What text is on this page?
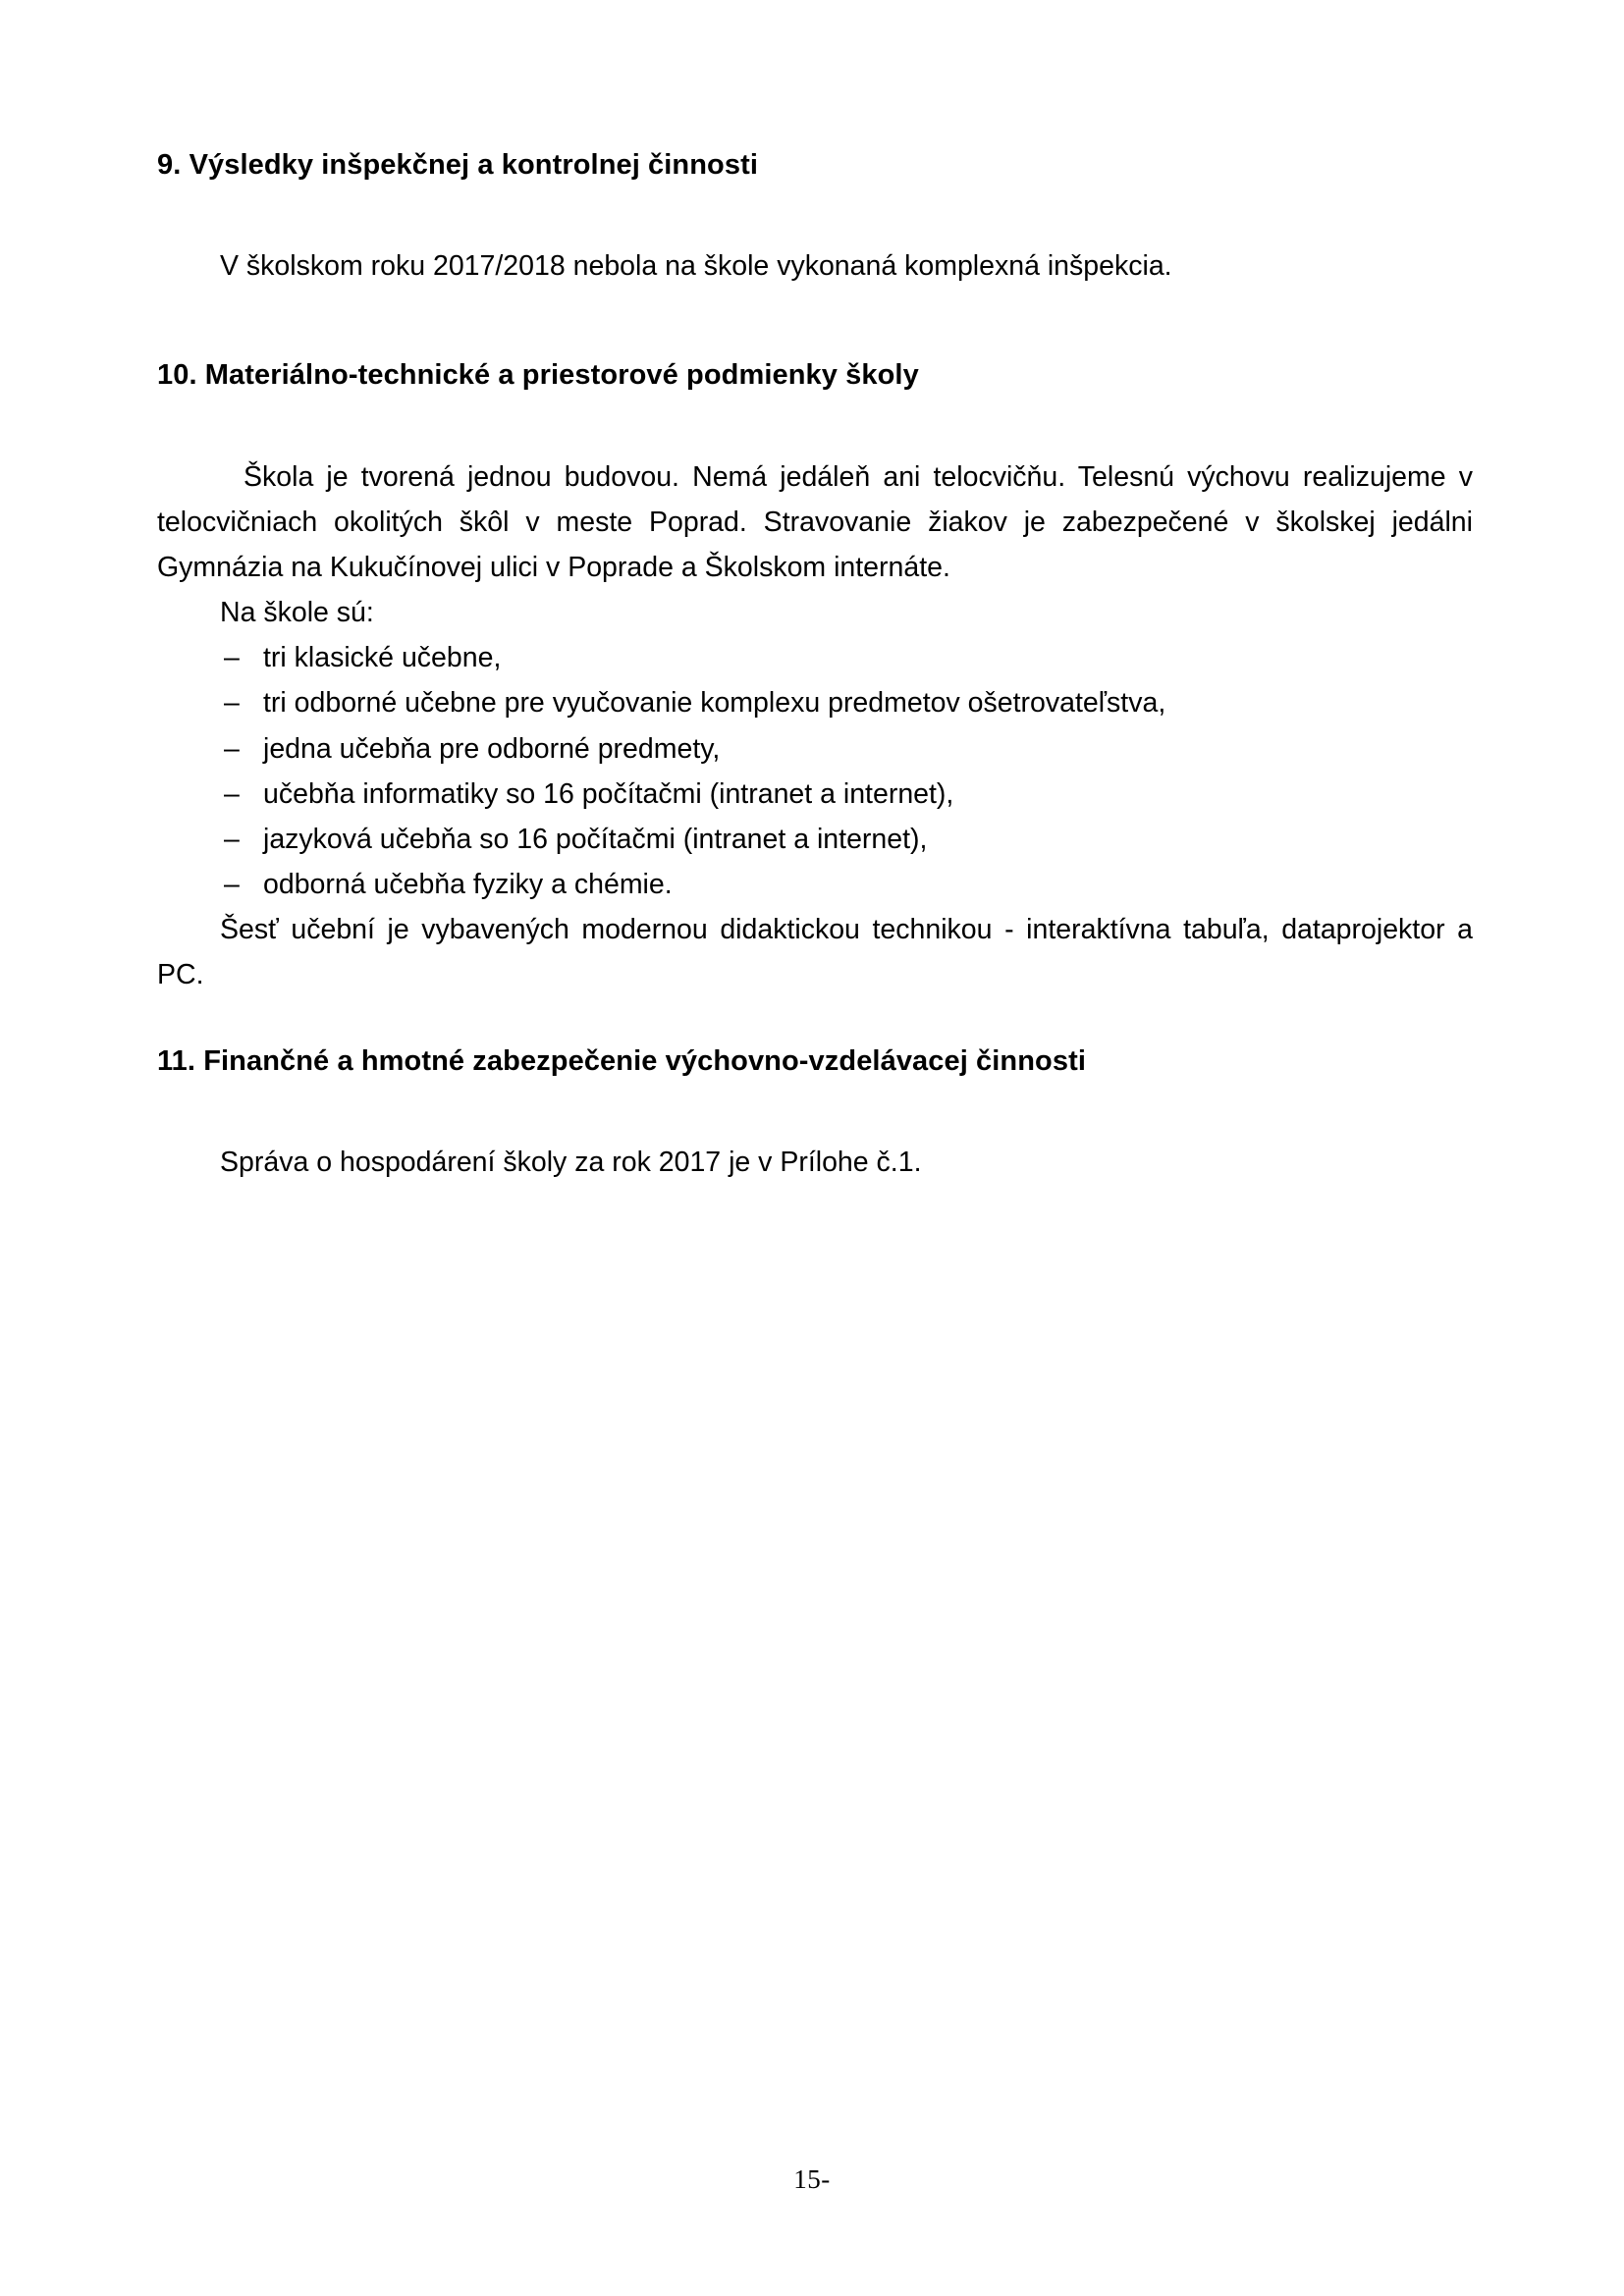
9.
Výsledky inšpekčnej a kontrolnej činnosti

V školskom roku 2017/2018 nebola na škole vykonaná komplexná inšpekcia.

10.
Materiálno-technické a priestorové podmienky školy

Škola je tvorená jednou budovou. Nemá jedáleň ani telocvičňu. Telesnú výchovu realizujeme v telocvičniach okolitých škôl v meste Poprad. Stravovanie žiakov je zabezpečené v školskej jedálni Gymnázia na Kukučínovej ulici v Poprade a Školskom internáte.

Na škole sú:

– tri klasické učebne,
– tri odborné učebne pre vyučovanie komplexu predmetov ošetrovateľstva,
– jedna učebňa pre odborné predmety,
– učebňa informatiky so 16 počítačmi (intranet a internet),
– jazyková učebňa so 16 počítačmi (intranet a internet),
– odborná učebňa fyziky a chémie.

Šesť učební je vybavených modernou didaktickou technikou - interaktívna tabuľa, dataprojektor a PC.

11.
Finančné a hmotné zabezpečenie výchovno-vzdelávacej činnosti

Správa o hospodárení školy za rok 2017 je v Prílohe č.1.

15-
